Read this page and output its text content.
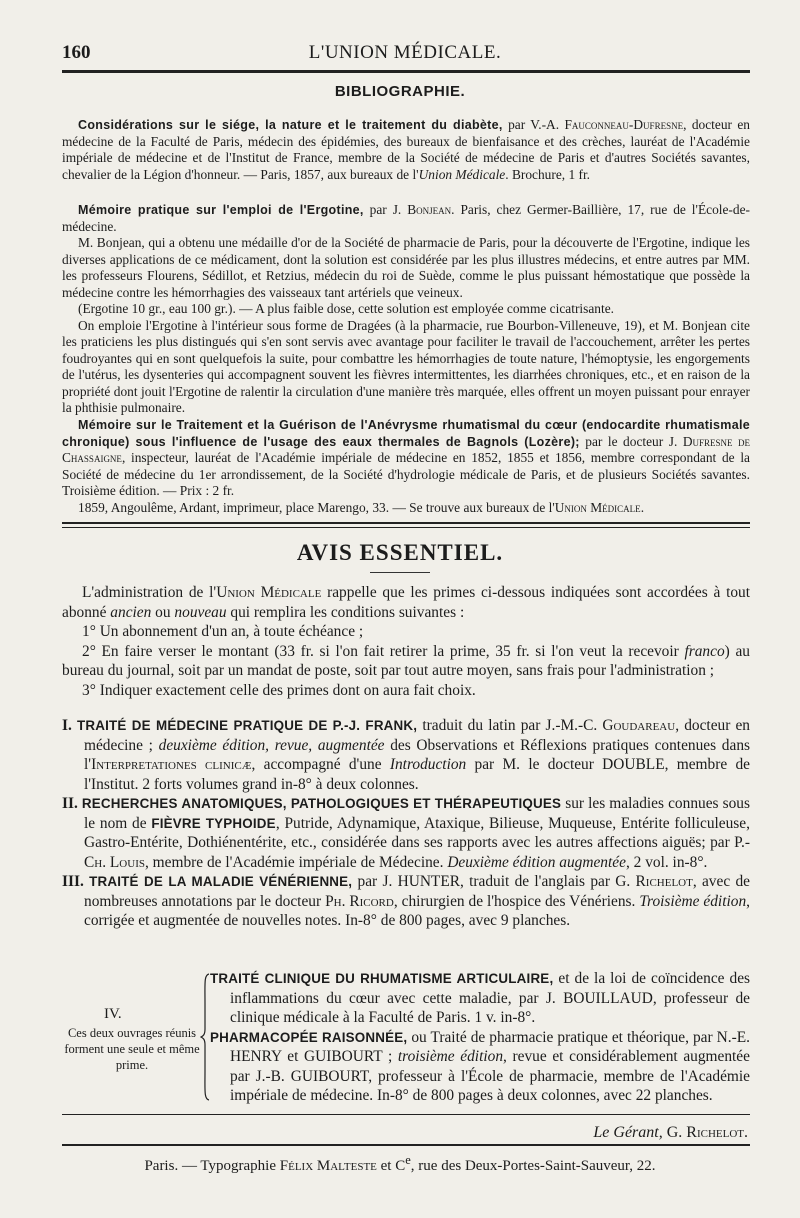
160	L'UNION MÉDICALE.
BIBLIOGRAPHIE.

Considérations sur le siége, la nature et le traitement du diabète, par V.-A. Fauconneau-Dufresne, docteur en médecine de la Faculté de Paris, médecin des épidémies, des bureaux de bienfaisance et des crèches, lauréat de l'Académie impériale de médecine et de l'Institut de France, membre de la Société de médecine de Paris et d'autres Sociétés savantes, chevalier de la Légion d'honneur. — Paris, 1857, aux bureaux de l'Union Médicale. Brochure, 1 fr.

Mémoire pratique sur l'emploi de l'Ergotine, par J. Bonjean. Paris, chez Germer-Baillière, 17, rue de l'École-de-médecine.

M. Bonjean, qui a obtenu une médaille d'or de la Société de pharmacie de Paris, pour la découverte de l'Ergotine, indique les diverses applications de ce médicament, dont la solution est considérée par les plus illustres médecins, et entre autres par MM. les professeurs Flourens, Sédillot, et Retzius, médecin du roi de Suède, comme le plus puissant hémostatique que possède la médecine contre les hémorrhagies des vaisseaux tant artériels que veineux.

(Ergotine 10 gr., eau 100 gr.). — A plus faible dose, cette solution est employée comme cicatrisante.

On emploie l'Ergotine à l'intérieur sous forme de Dragées (à la pharmacie, rue Bourbon-Villeneuve, 19), et M. Bonjean cite les praticiens les plus distingués qui s'en sont servis avec avantage pour faciliter le travail de l'accouchement, arrêter les pertes foudroyantes qui en sont quelquefois la suite, pour combattre les hémorrhagies de toute nature, l'hémoptysie, les engorgements de l'utérus, les dysenteries qui accompagnent souvent les fièvres intermittentes, les diarrhées chroniques, etc., et en raison de la propriété dont jouit l'Ergotine de ralentir la circulation d'une manière très marquée, elles offrent un moyen puissant pour enrayer la phthisie pulmonaire.

Mémoire sur le Traitement et la Guérison de l'Anévrysme rhumatismal du cœur (endocardite rhumatismale chronique) sous l'influence de l'usage des eaux thermales de Bagnols (Lozère); par le docteur J. Dufresne de Chassaigne, inspecteur, lauréat de l'Académie impériale de médecine en 1852, 1855 et 1856, membre correspondant de la Société de médecine du 1er arrondissement, de la Société d'hydrologie médicale de Paris, et de plusieurs Sociétés savantes. Troisième édition. — Prix : 2 fr.

1859, Angoulême, Ardant, imprimeur, place Marengo, 33. — Se trouve aux bureaux de l'Union Médicale.

AVIS ESSENTIEL.

L'administration de l'Union Médicale rappelle que les primes ci-dessous indiquées sont accordées à tout abonné ancien ou nouveau qui remplira les conditions suivantes :

1° Un abonnement d'un an, à toute échéance ;

2° En faire verser le montant (33 fr. si l'on fait retirer la prime, 35 fr. si l'on veut la recevoir franco) au bureau du journal, soit par un mandat de poste, soit par tout autre moyen, sans frais pour l'administration ;

3° Indiquer exactement celle des primes dont on aura fait choix.

I. TRAITÉ DE MÉDECINE PRATIQUE DE P.-J. FRANK, traduit du latin par J.-M.-C. Goudareau, docteur en médecine ; deuxième édition, revue, augmentée des Observations et Réflexions pratiques contenues dans l'Interpretationes clinicæ, accompagné d'une Introduction par M. le docteur DOUBLE, membre de l'Institut. 2 forts volumes grand in-8° à deux colonnes.

II. RECHERCHES ANATOMIQUES, PATHOLOGIQUES ET THÉRAPEUTIQUES sur les maladies connues sous le nom de FIÈVRE TYPHOIDE, Putride, Adynamique, Ataxique, Bilieuse, Muqueuse, Entérite folliculeuse, Gastro-Entérite, Dothiénentérite, etc., considérée dans ses rapports avec les autres affections aiguës; par P.-Ch. Louis, membre de l'Académie impériale de Médecine. Deuxième édition augmentée, 2 vol. in-8°.

III. TRAITÉ DE LA MALADIE VÉNÉRIENNE, par J. HUNTER, traduit de l'anglais par G. Richelot, avec de nombreuses annotations par le docteur Ph. Ricord, chirurgien de l'hospice des Vénériens. Troisième édition, corrigée et augmentée de nouvelles notes. In-8° de 800 pages, avec 9 planches.

IV.
Ces deux ouvrages réunis forment une seule et même prime.

TRAITÉ CLINIQUE DU RHUMATISME ARTICULAIRE, et de la loi de coïncidence des inflammations du cœur avec cette maladie, par J. BOUILLAUD, professeur de clinique médicale à la Faculté de Paris. 1 v. in-8°.

PHARMACOPÉE RAISONNÉE, ou Traité de pharmacie pratique et théorique, par N.-E. HENRY et GUIBOURT ; troisième édition, revue et considérablement augmentée par J.-B. GUIBOURT, professeur à l'École de pharmacie, membre de l'Académie impériale de médecine. In-8° de 800 pages à deux colonnes, avec 22 planches.

Le Gérant, G. Richelot.
Paris. — Typographie Félix Malteste et Ce, rue des Deux-Portes-Saint-Sauveur, 22.
